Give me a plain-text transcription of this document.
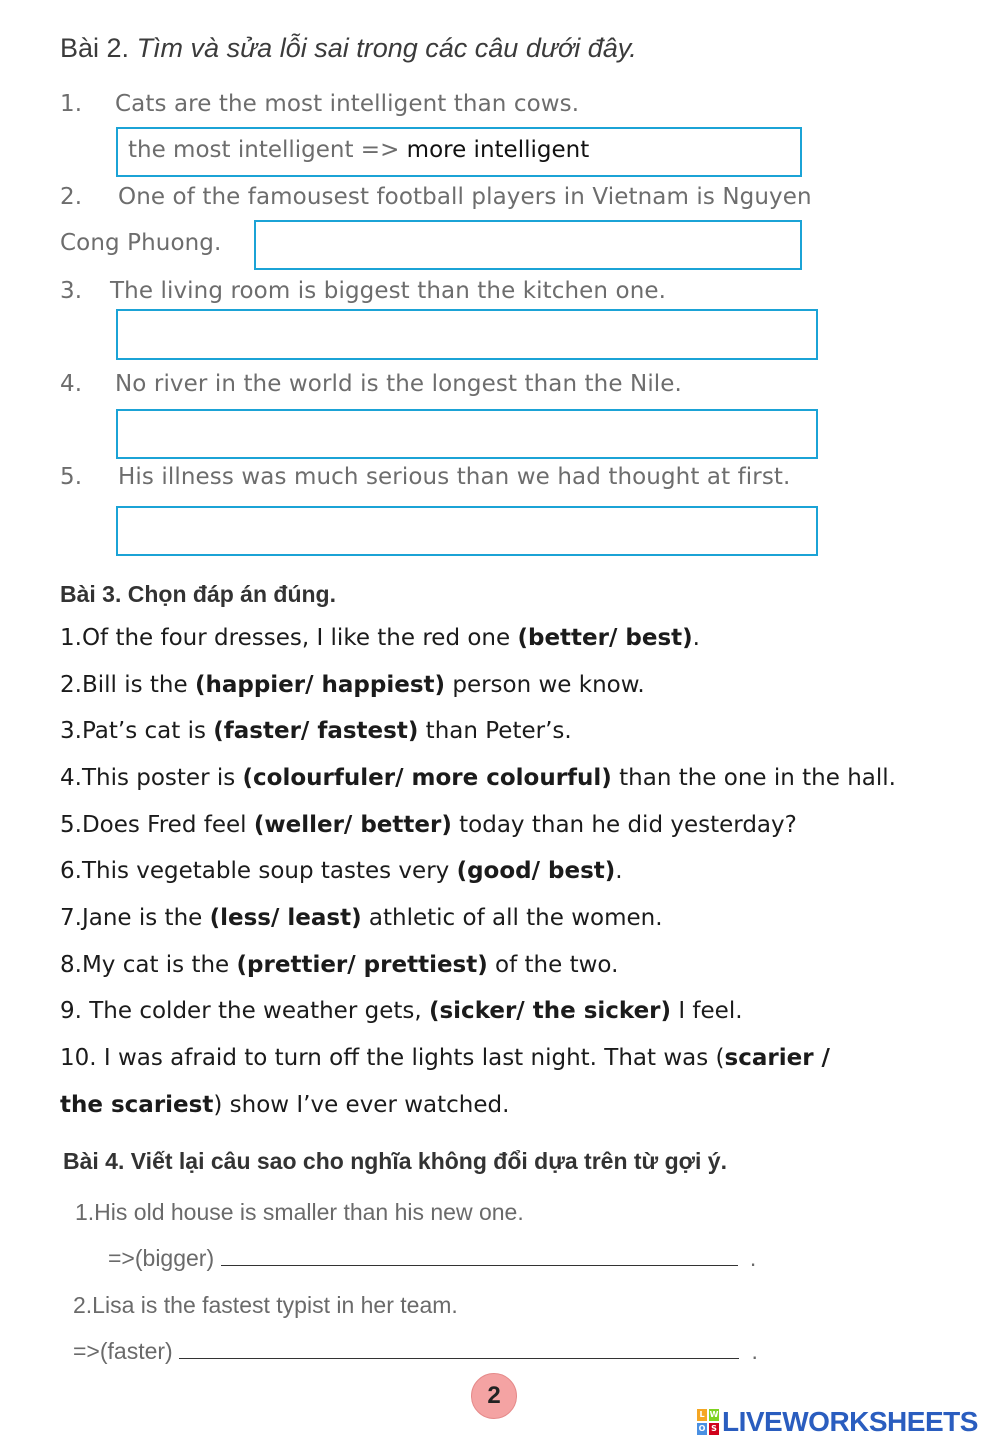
Bài 2. Tìm và sửa lỗi sai trong các câu dưới đây.
1. Cats are the most intelligent than cows.
the most intelligent => more intelligent
2. One of the famousest football players in Vietnam is Nguyen
Cong Phuong.
3. The living room is biggest than the kitchen one.
4. No river in the world is the longest than the Nile.
5. His illness was much serious than we had thought at first.
Bài 3. Chọn đáp án đúng.
1.Of the four dresses, I like the red one (better/ best).
2.Bill is the (happier/ happiest) person we know.
3.Pat’s cat is (faster/ fastest) than Peter’s.
4.This poster is (colourfuler/ more colourful) than the one in the hall.
5.Does Fred feel (weller/ better) today than he did yesterday?
6.This vegetable soup tastes very (good/ best).
7.Jane is the (less/ least) athletic of all the women.
8.My cat is the (prettier/ prettiest) of the two.
9. The colder the weather gets, (sicker/ the sicker) I feel.
10. I was afraid to turn off the lights last night. That was (scarier /
the scariest) show I’ve ever watched.
Bài 4. Viết lại câu sao cho nghĩa không đổi dựa trên từ gợi ý.
1.His old house is smaller than his new one.
=>(bigger)	.
2.Lisa is the fastest typist in her team.
=>(faster)	.
2
L W
O S LIVEWORKSHEETS
